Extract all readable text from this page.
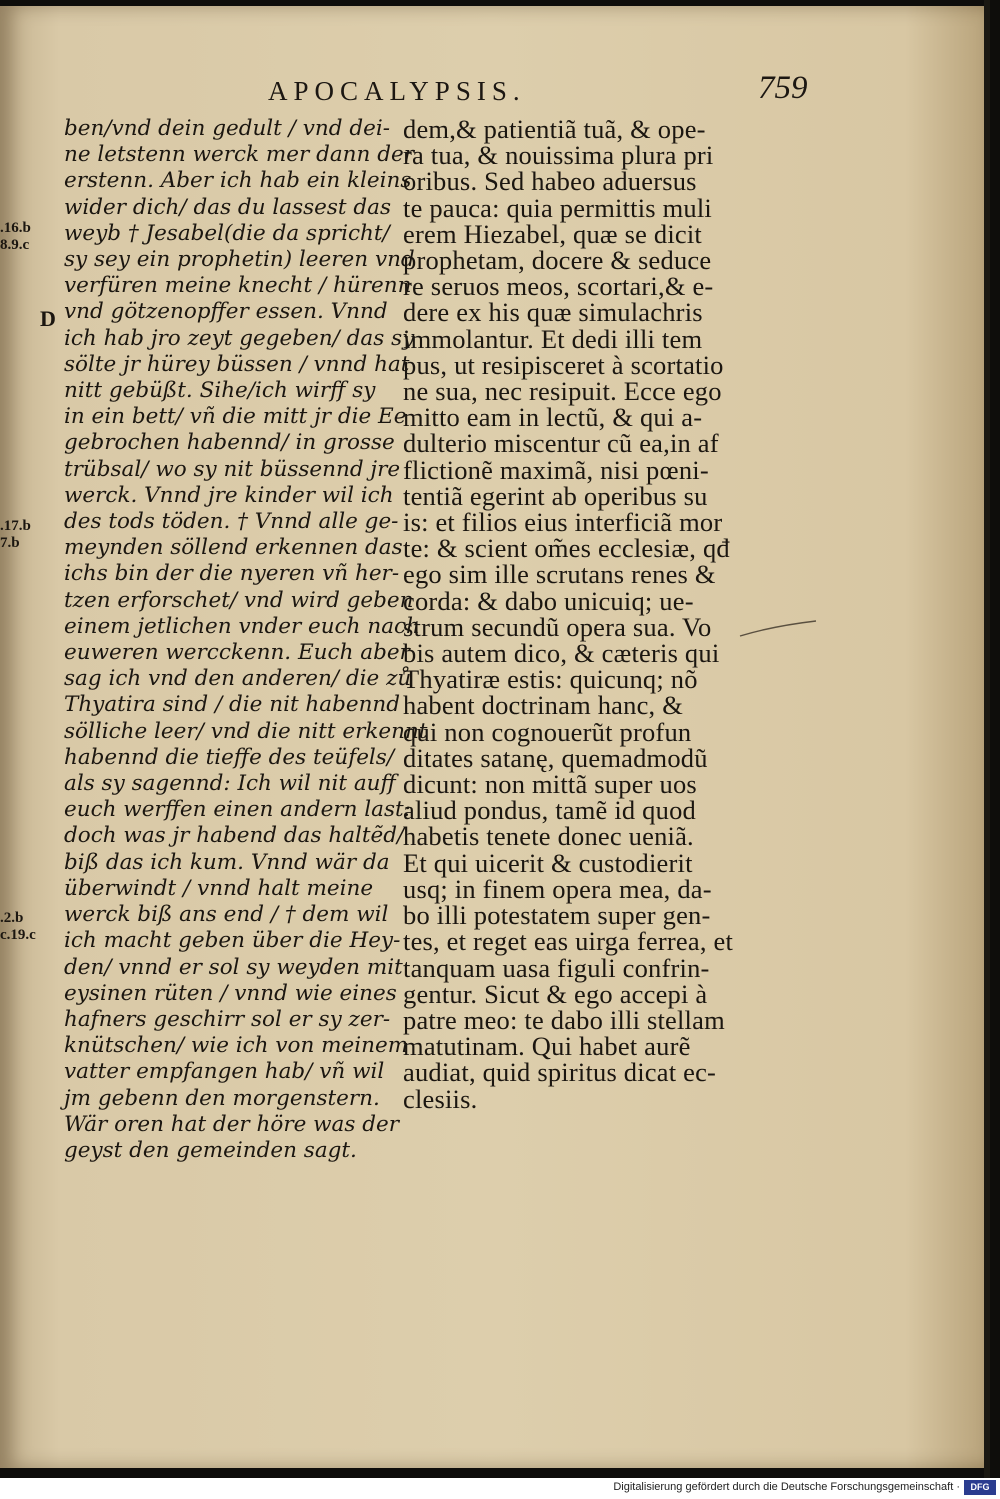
APOCALYPSIS.	759
.16.b
8.9.c
D
.17.b
7.b
.2.b
c.19.c
ben/vnd dein gedult / vnd dei-
ne letstenn werck mer dann der
erstenn. Aber ich hab ein kleins
wider dich/ das du lassest das
weyb † Jesabel(die da spricht/
sy sey ein prophetin) leeren vnd
verfüren meine knecht / hürenn
vnd götzenopffer essen. Vnnd
ich hab jro zeyt gegeben/ das sy
sölte jr hürey büssen / vnnd hat
nitt gebüßt. Sihe/ich wirff sy
in ein bett/ vñ die mitt jr die Ee
gebrochen habennd/ in grosse
trübsal/ wo sy nit büssennd jre
werck. Vnnd jre kinder wil ich
des tods töden. † Vnnd alle ge-
meynden söllend erkennen das
ichs bin der die nyeren vñ her-
tzen erforschet/ vnd wird geben
einem jetlichen vnder euch nach
euweren wercckenn. Euch aber
sag ich vnd den anderen/ die zů
Thyatira sind / die nit habennd
sölliche leer/ vnd die nitt erkennt
habennd die tieffe des teüfels/
als sy sagennd: Ich wil nit auff
euch werffen einen andern last:
doch was jr habend das haltẽd/
biß das ich kum. Vnnd wär da
überwindt / vnnd halt meine
werck biß ans end / † dem wil
ich macht geben über die Hey-
den/ vnnd er sol sy weyden mit
eysinen rüten / vnnd wie eines
hafners geschirr sol er sy zer-
knütschen/ wie ich von meinem
vatter empfangen hab/ vñ wil
jm gebenn den morgenstern.
Wär oren hat der höre was der
geyst den gemeinden sagt.
dem,& patientiã tuã, & ope-
ra tua, & nouissima plura pri
oribus. Sed habeo aduersus
te pauca: quia permittis muli
erem Hiezabel, quæ se dicit
prophetam, docere & seduce
re seruos meos, scortari,& e-
dere ex his quæ simulachris
immolantur. Et dedi illi tem
pus, ut resipisceret à scortatio
ne sua, nec resipuit. Ecce ego
mitto eam in lectũ, & qui a-
dulterio miscentur cũ ea,in af
flictionẽ maximã, nisi pœni-
tentiã egerint ab operibus su
is: et filios eius interficiã mor
te: & scient om̃es ecclesiæ, qđ
ego sim ille scrutans renes &
corda: & dabo unicuiq; ue-
strum secundũ opera sua. Vo
bis autem dico, & cæteris qui
Thyatiræ estis: quicunq; nõ
habent doctrinam hanc, &
qui non cognouerũt profun
ditates satanę, quemadmodũ
dicunt: non mittã super uos
aliud pondus, tamẽ id quod
habetis tenete donec ueniã.
Et qui uicerit & custodierit
usq; in finem opera mea, da-
bo illi potestatem super gen-
tes, et reget eas uirga ferrea, et
tanquam uasa figuli confrin-
gentur. Sicut & ego accepi à
patre meo: te dabo illi stellam
matutinam. Qui habet aurẽ
audiat, quid spiritus dicat ec-
clesiis.
Digitalisierung gefördert durch die Deutsche Forschungsgemeinschaft ·	DFG
